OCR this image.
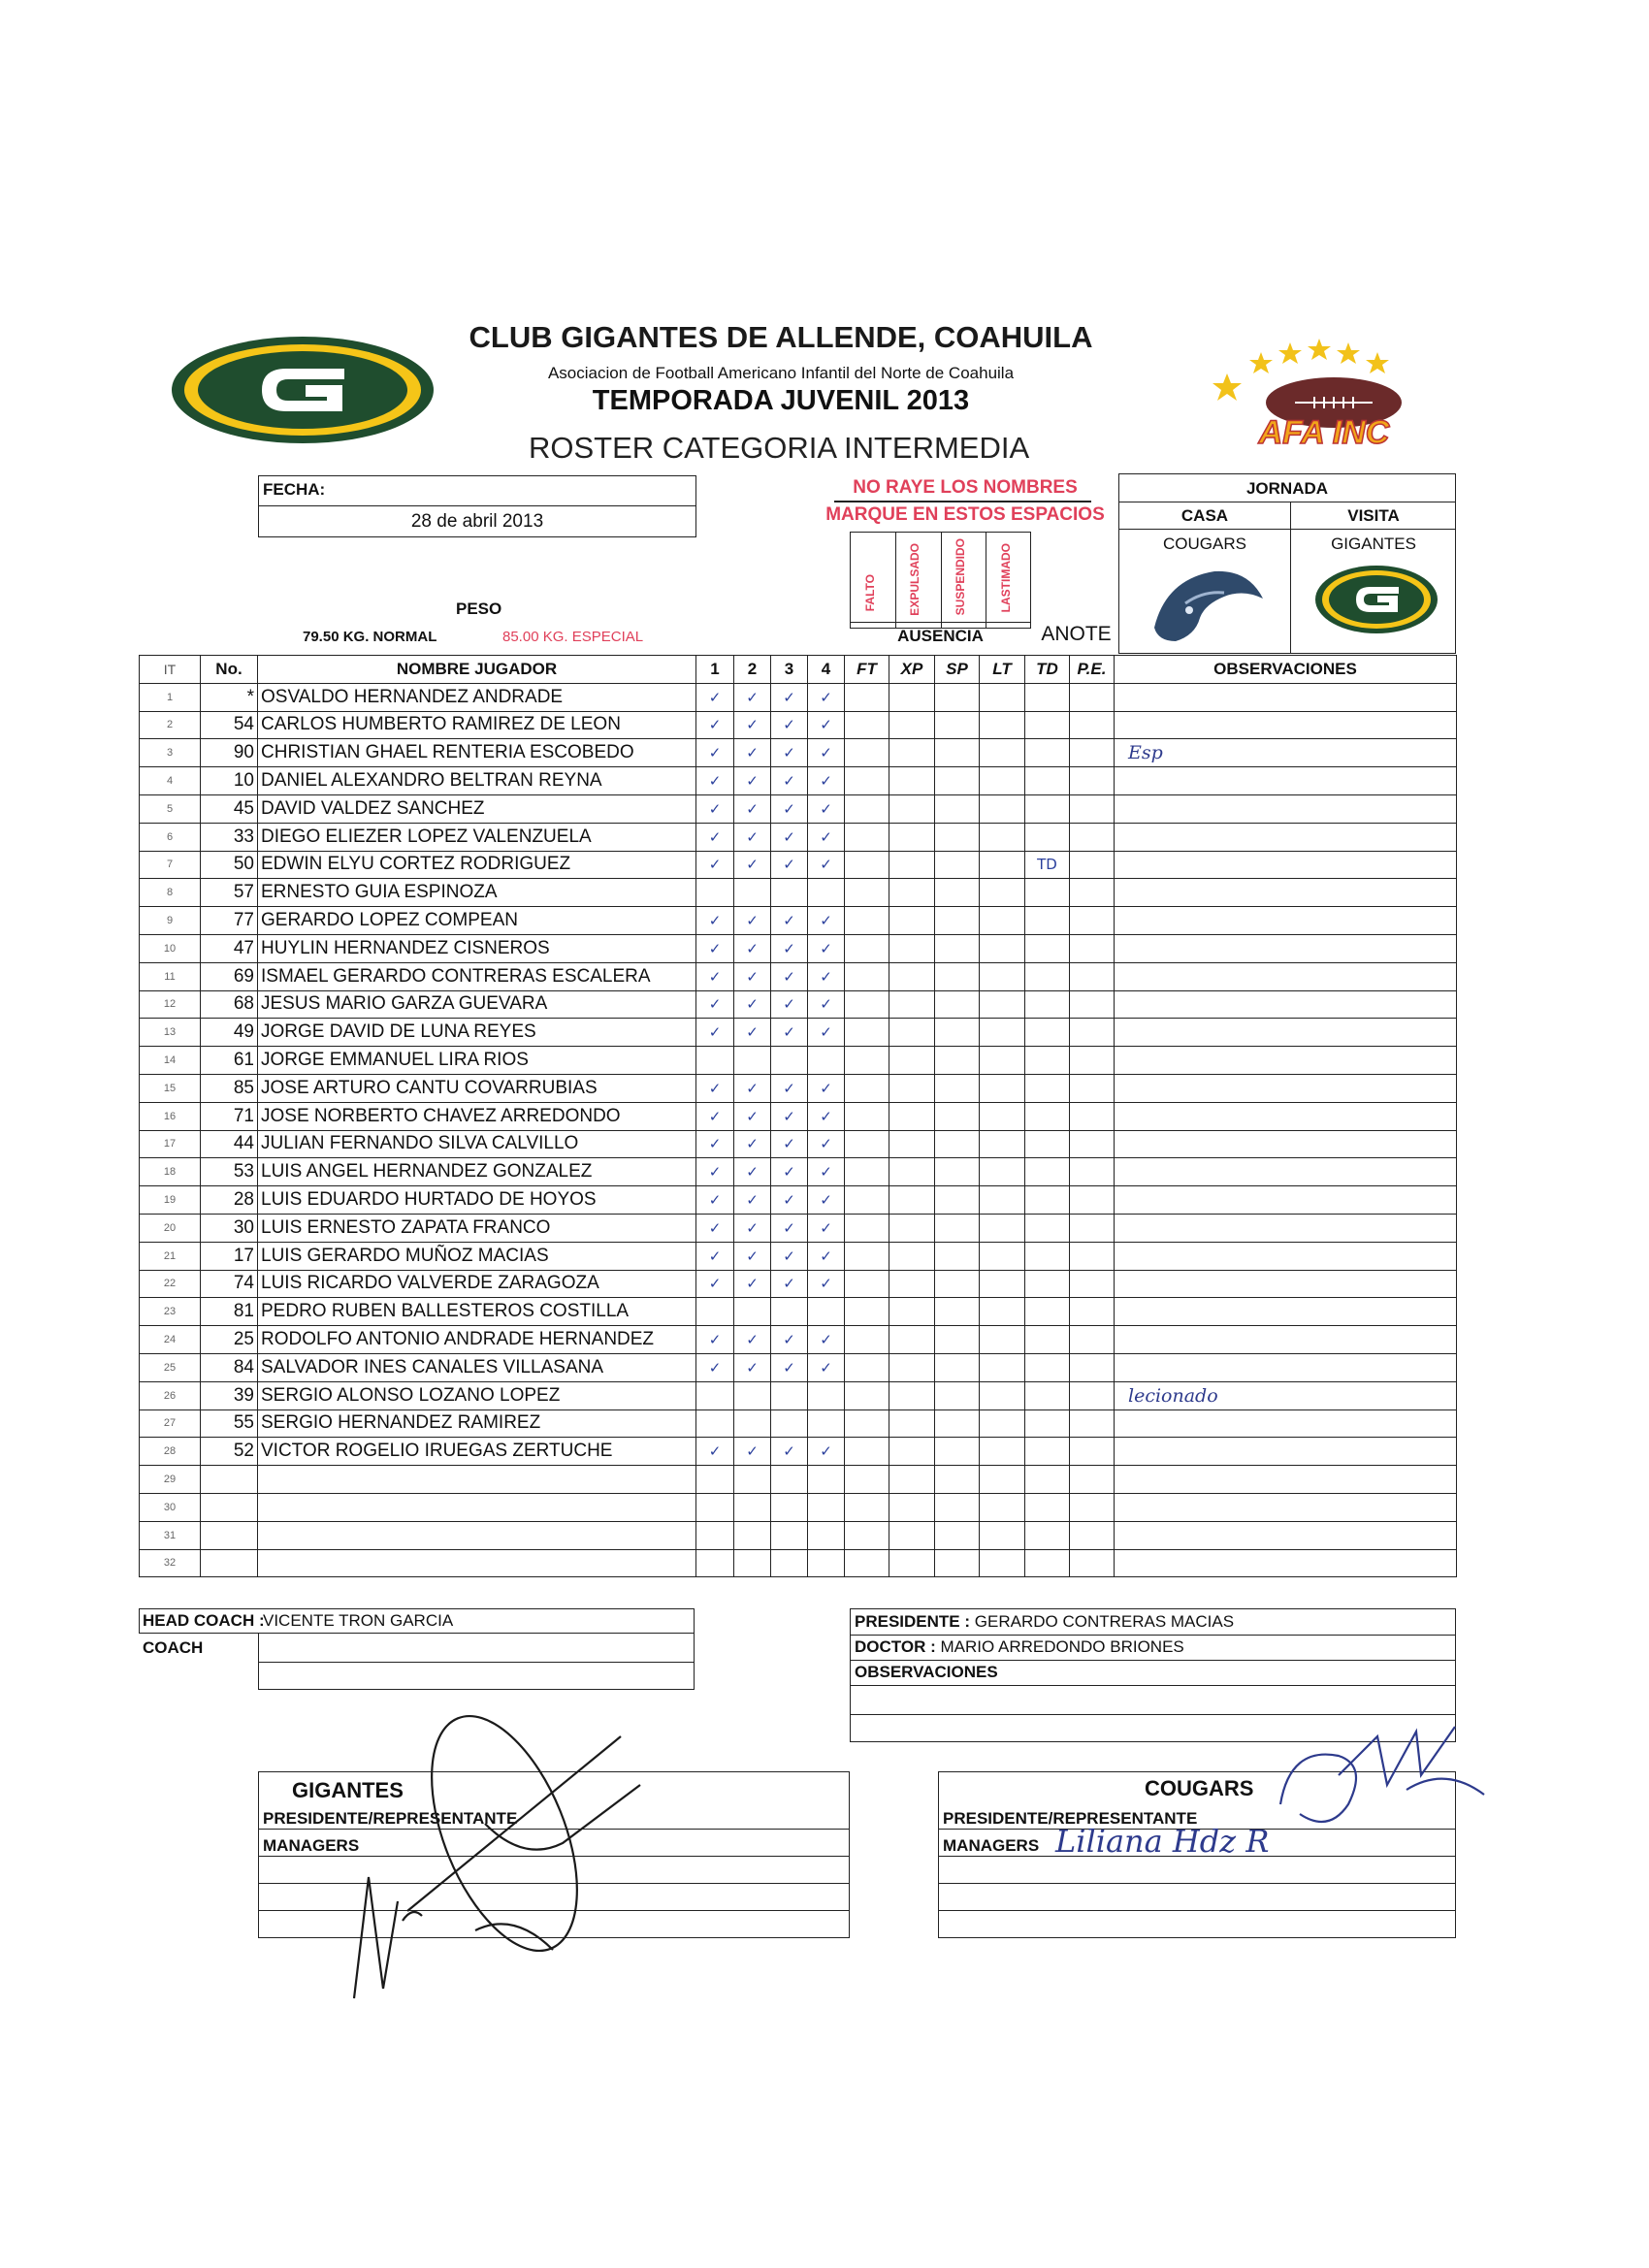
AFA INC
CLUB GIGANTES DE ALLENDE, COAHUILA
Asociacion de Football Americano Infantil del Norte de Coahuila
TEMPORADA JUVENIL 2013
ROSTER CATEGORIA INTERMEDIA
FECHA:
28 de abril 2013
NO RAYE LOS NOMBRES
MARQUE EN ESTOS ESPACIOS
FALTO	EXPULSADO	SUSPENDIDO	LASTIMADO
AUSENCIA	ANOTE
PESO
79.50 KG. NORMAL	85.00 KG. ESPECIAL
JORNADA
CASA	VISITA
COUGARS	GIGANTES
IT	No.	NOMBRE JUGADOR	1	2	3	4	FT	XP	SP	LT	TD	P.E.	OBSERVACIONES
1	*	OSVALDO HERNANDEZ ANDRADE	✓	✓	✓	✓							
2	54	CARLOS HUMBERTO RAMIREZ DE LEON	✓	✓	✓	✓							
3	90	CHRISTIAN GHAEL RENTERIA ESCOBEDO	✓	✓	✓	✓							Esp
4	10	DANIEL ALEXANDRO BELTRAN REYNA	✓	✓	✓	✓							
5	45	DAVID VALDEZ SANCHEZ	✓	✓	✓	✓							
6	33	DIEGO ELIEZER LOPEZ VALENZUELA	✓	✓	✓	✓							
7	50	EDWIN ELYU CORTEZ RODRIGUEZ	✓	✓	✓	✓					TD		
8	57	ERNESTO GUIA ESPINOZA											
9	77	GERARDO LOPEZ COMPEAN	✓	✓	✓	✓							
10	47	HUYLIN HERNANDEZ CISNEROS	✓	✓	✓	✓							
11	69	ISMAEL GERARDO CONTRERAS ESCALERA	✓	✓	✓	✓							
12	68	JESUS MARIO GARZA GUEVARA	✓	✓	✓	✓							
13	49	JORGE DAVID DE LUNA REYES	✓	✓	✓	✓							
14	61	JORGE EMMANUEL LIRA RIOS											
15	85	JOSE ARTURO CANTU COVARRUBIAS	✓	✓	✓	✓							
16	71	JOSE NORBERTO CHAVEZ ARREDONDO	✓	✓	✓	✓							
17	44	JULIAN FERNANDO SILVA CALVILLO	✓	✓	✓	✓							
18	53	LUIS ANGEL HERNANDEZ GONZALEZ	✓	✓	✓	✓							
19	28	LUIS EDUARDO HURTADO DE HOYOS	✓	✓	✓	✓							
20	30	LUIS ERNESTO ZAPATA FRANCO	✓	✓	✓	✓							
21	17	LUIS GERARDO MUÑOZ MACIAS	✓	✓	✓	✓							
22	74	LUIS RICARDO VALVERDE ZARAGOZA	✓	✓	✓	✓							
23	81	PEDRO RUBEN BALLESTEROS COSTILLA											
24	25	RODOLFO ANTONIO ANDRADE HERNANDEZ	✓	✓	✓	✓							
25	84	SALVADOR INES CANALES VILLASANA	✓	✓	✓	✓							
26	39	SERGIO ALONSO LOZANO LOPEZ											lecionado
27	55	SERGIO HERNANDEZ RAMIREZ											
28	52	VICTOR ROGELIO IRUEGAS ZERTUCHE	✓	✓	✓	✓							
29													
30													
31													
32													
HEAD COACH :
VICENTE TRON GARCIA
COACH
PRESIDENTE : GERARDO CONTRERAS MACIAS
DOCTOR : MARIO ARREDONDO BRIONES
OBSERVACIONES
GIGANTES
PRESIDENTE/REPRESENTANTE
MANAGERS
COUGARS
PRESIDENTE/REPRESENTANTE
MANAGERS Liliana Hdz R
